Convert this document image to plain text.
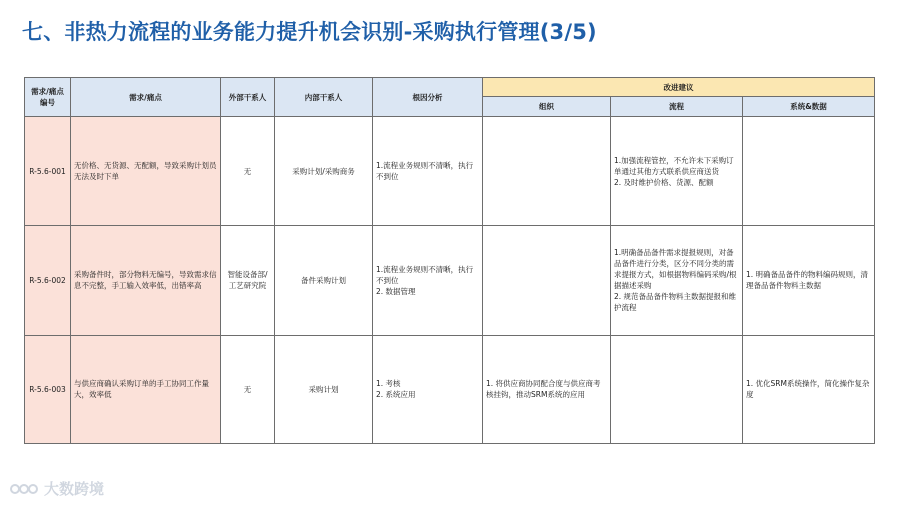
七、非热力流程的业务能力提升机会识别-采购执行管理(3/5)
需求/痛点编号	需求/痛点	外部干系人	内部干系人	根因分析	改进建议		
					组织	流程	系统&数据
R-5.6-001	无价格、无货源、无配额，导致采购计划员无法及时下单	无	采购计划/采购商务	1.流程业务规则不清晰，执行不到位		1.加强流程管控，不允许未下采购订单通过其他方式联系供应商送货
2. 及时维护价格、货源、配额	
R-5.6-002	采购备件时，部分物料无编号，导致需求信息不完整，手工输入效率低，出错率高	智能设备部/工艺研究院	备件采购计划	1.流程业务规则不清晰，执行不到位
2. 数据管理		1.明确备品备件需求提报规则，对备品备件进行分类，区分不同分类的需求提报方式，如根据物料编码采购/根据描述采购
2. 规范备品备件物料主数据提报和维护流程	1. 明确备品备件的物料编码规则，清理备品备件物料主数据
R-5.6-003	与供应商确认采购订单的手工协同工作量大，效率低	无	采购计划	1. 考核
2. 系统应用	1. 将供应商协同配合度与供应商考核挂钩，推动SRM系统的应用		1. 优化SRM系统操作，简化操作复杂度
大数跨境
